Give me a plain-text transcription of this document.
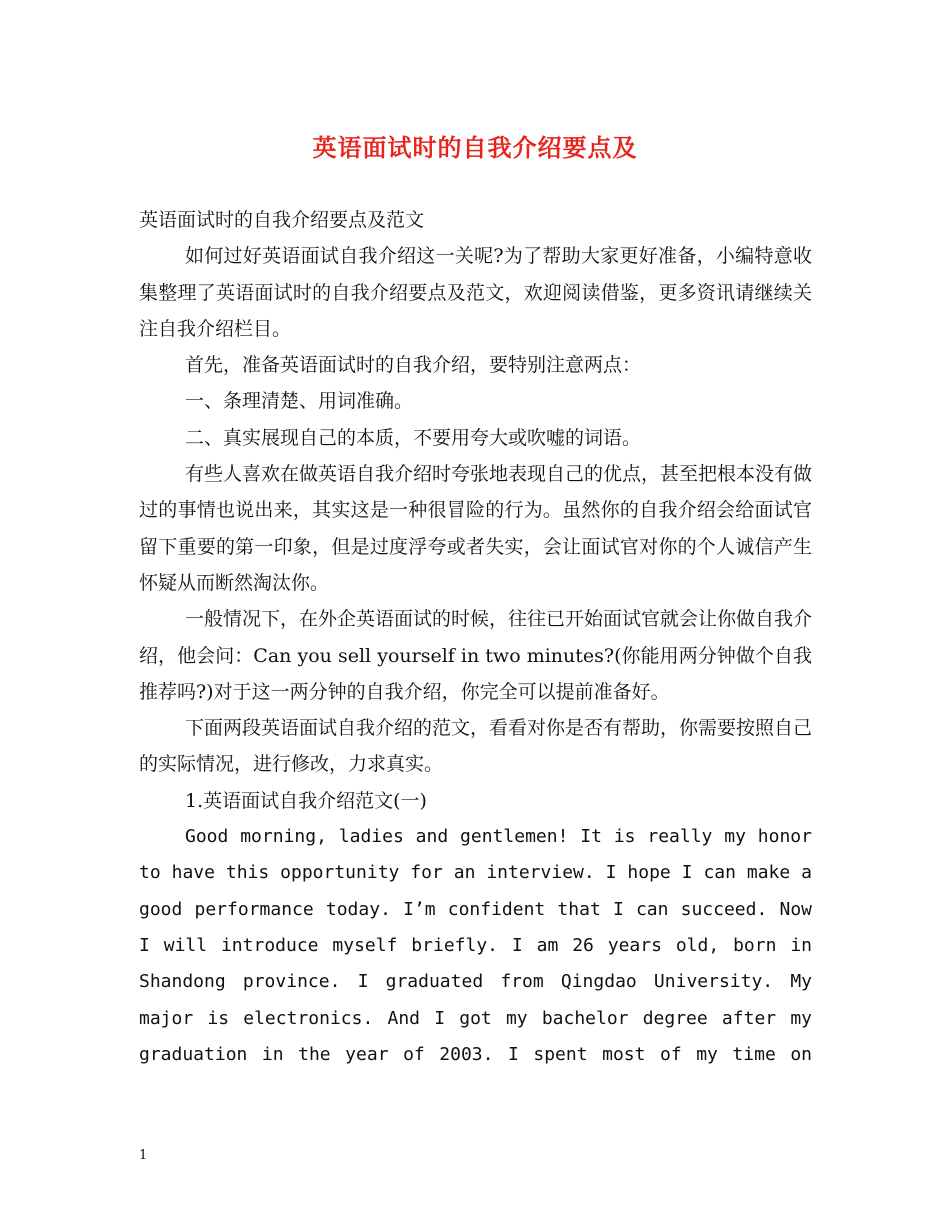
英语面试时的自我介绍要点及

英语面试时的自我介绍要点及范文

如何过好英语面试自我介绍这一关呢?为了帮助大家更好准备，小编特意收集整理了英语面试时的自我介绍要点及范文，欢迎阅读借鉴，更多资讯请继续关注自我介绍栏目。

首先，准备英语面试时的自我介绍，要特别注意两点：

一、条理清楚、用词准确。

二、真实展现自己的本质，不要用夸大或吹嘘的词语。

有些人喜欢在做英语自我介绍时夸张地表现自己的优点，甚至把根本没有做过的事情也说出来，其实这是一种很冒险的行为。虽然你的自我介绍会给面试官留下重要的第一印象，但是过度浮夸或者失实，会让面试官对你的个人诚信产生怀疑从而断然淘汰你。

一般情况下，在外企英语面试的时候，往往已开始面试官就会让你做自我介绍，他会问：Can you sell yourself in two minutes?(你能用两分钟做个自我推荐吗?)对于这一两分钟的自我介绍，你完全可以提前准备好。

下面两段英语面试自我介绍的范文，看看对你是否有帮助，你需要按照自己的实际情况，进行修改，力求真实。

1.英语面试自我介绍范文(一)

Good morning, ladies and gentlemen! It is really my honor to have this opportunity for an interview. I hope I can make a good performance today. I’m confident that I can succeed. Now I will introduce myself briefly. I am 26 years old, born in Shandong province. I graduated from Qingdao University. My major is electronics. And I got my bachelor degree after my graduation in the year of 2003. I spent most of my time on

1
